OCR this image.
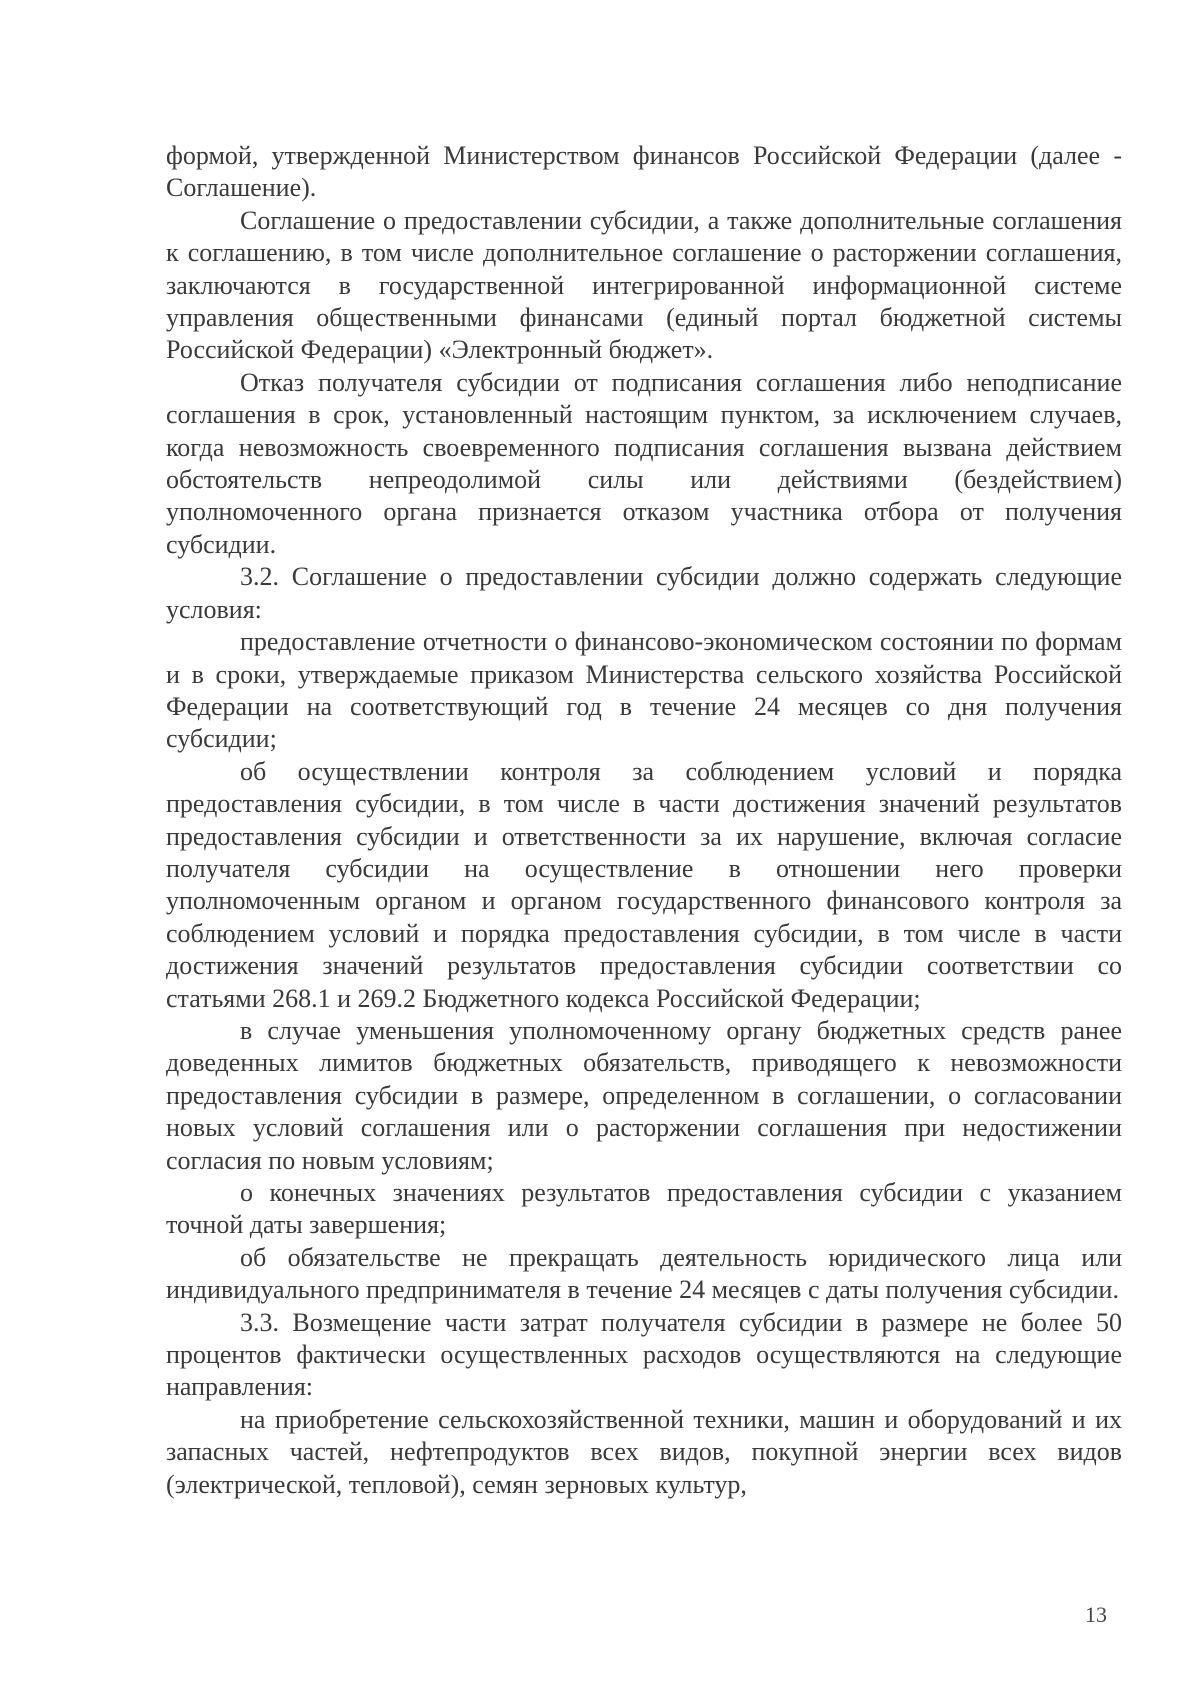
формой, утвержденной Министерством финансов Российской Федерации (далее - Соглашение).

Соглашение о предоставлении субсидии, а также дополнительные соглашения к соглашению, в том числе дополнительное соглашение о расторжении соглашения, заключаются в государственной интегрированной информационной системе управления общественными финансами (единый портал бюджетной системы Российской Федерации) «Электронный бюджет».

Отказ получателя субсидии от подписания соглашения либо неподписание соглашения в срок, установленный настоящим пунктом, за исключением случаев, когда невозможность своевременного подписания соглашения вызвана действием обстоятельств непреодолимой силы или действиями (бездействием) уполномоченного органа признается отказом участника отбора от получения субсидии.

3.2. Соглашение о предоставлении субсидии должно содержать следующие условия:

предоставление отчетности о финансово-экономическом состоянии по формам и в сроки, утверждаемые приказом Министерства сельского хозяйства Российской Федерации на соответствующий год в течение 24 месяцев со дня получения субсидии;

об осуществлении контроля за соблюдением условий и порядка предоставления субсидии, в том числе в части достижения значений результатов предоставления субсидии и ответственности за их нарушение, включая согласие получателя субсидии на осуществление в отношении него проверки уполномоченным органом и органом государственного финансового контроля за соблюдением условий и порядка предоставления субсидии, в том числе в части достижения значений результатов предоставления субсидии соответствии со статьями 268.1 и 269.2 Бюджетного кодекса Российской Федерации;

в случае уменьшения уполномоченному органу бюджетных средств ранее доведенных лимитов бюджетных обязательств, приводящего к невозможности предоставления субсидии в размере, определенном в соглашении, о согласовании новых условий соглашения или о расторжении соглашения при недостижении согласия по новым условиям;

о конечных значениях результатов предоставления субсидии с указанием точной даты завершения;

об обязательстве не прекращать деятельность юридического лица или индивидуального предпринимателя в течение 24 месяцев с даты получения субсидии.

3.3. Возмещение части затрат получателя субсидии в размере не более 50 процентов фактически осуществленных расходов осуществляются на следующие направления:

на приобретение сельскохозяйственной техники, машин и оборудований и их запасных частей, нефтепродуктов всех видов, покупной энергии всех видов (электрической, тепловой), семян зерновых культур,

13
